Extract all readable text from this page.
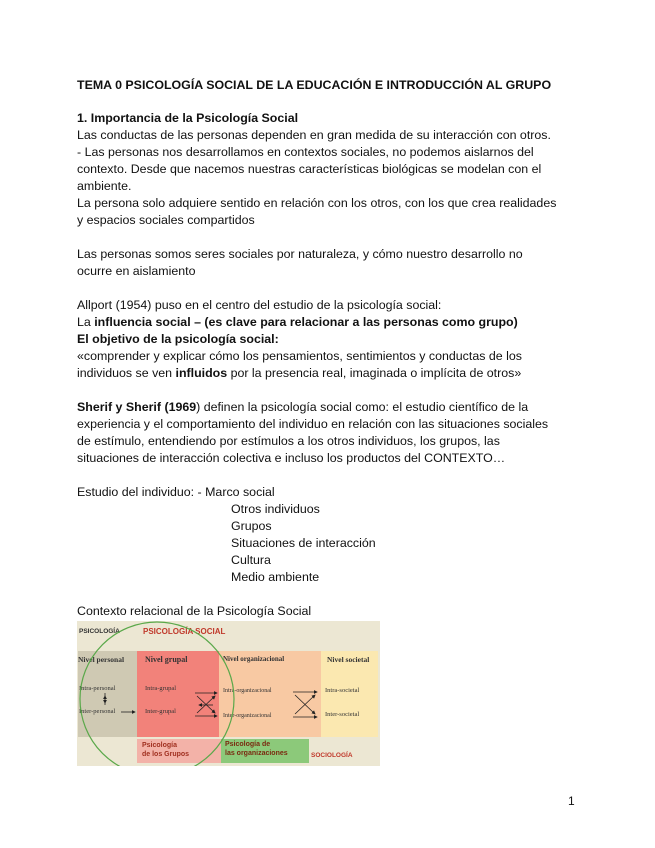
TEMA 0 PSICOLOGÍA SOCIAL DE LA EDUCACIÓN E INTRODUCCIÓN AL GRUPO
1. Importancia de la Psicología Social
Las conductas de las personas dependen en gran medida de su interacción con otros.
- Las personas nos desarrollamos en contextos sociales, no podemos aislarnos del
contexto. Desde que nacemos nuestras características biológicas se modelan con el
ambiente.
La persona solo adquiere sentido en relación con los otros, con los que crea realidades
y espacios sociales compartidos
Las personas somos seres sociales por naturaleza, y cómo nuestro desarrollo no
ocurre en aislamiento
Allport (1954) puso en el centro del estudio de la psicología social:
La influencia social – (es clave para relacionar a las personas como grupo)
El objetivo de la psicología social:
«comprender y explicar cómo los pensamientos, sentimientos y conductas de los
individuos se ven influidos por la presencia real, imaginada o implícita de otros»
Sherif y Sherif (1969) definen la psicología social como: el estudio científico de la
experiencia y el comportamiento del individuo en relación con las situaciones sociales
de estímulo, entendiendo por estímulos a los otros individuos, los grupos, las
situaciones de interacción colectiva e incluso los productos del CONTEXTO…
Estudio del individuo: - Marco social
Otros individuos
Grupos
Situaciones de interacción
Cultura
Medio ambiente
Contexto relacional de la Psicología Social
PSICOLOGÍA	PSICOLOGÍA SOCIAL
Nivel personal	Nivel grupal	Nivel organizacional	Nivel societal
Intra-personal
Inter-personal
Intra-grupal
Inter-grupal
Intra-organizacional
Inter-organizacional
Intra-societal
Inter-societal
Psicología
de los Grupos
Psicología de
las organizaciones	SOCIOLOGÍA
1
